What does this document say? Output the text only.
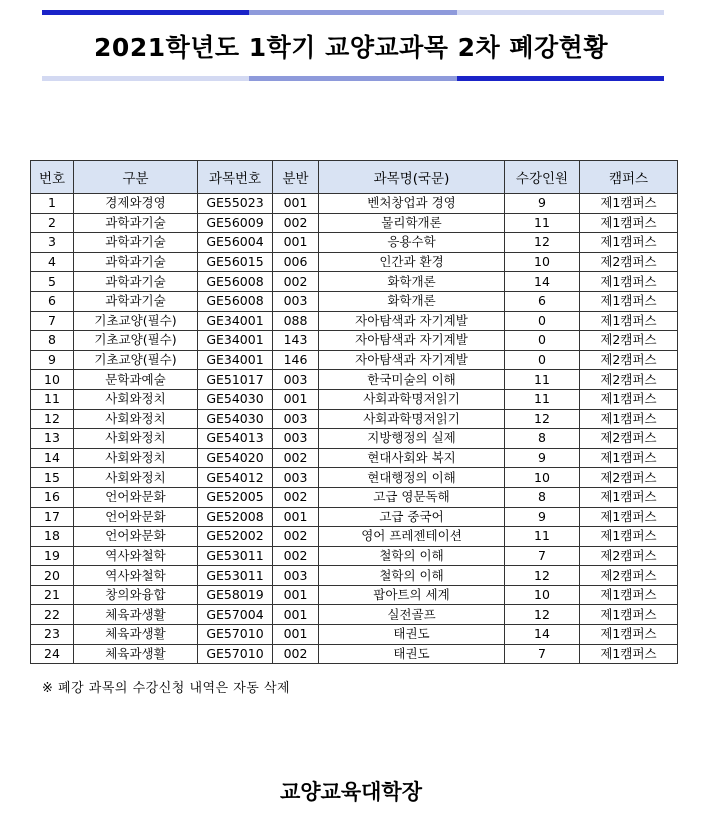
2021학년도 1학기 교양교과목 2차 폐강현황
번호	구분	과목번호	분반	과목명(국문)	수강인원	캠퍼스
1	경제와경영	GE55023	001	벤처창업과 경영	9	제1캠퍼스
2	과학과기술	GE56009	002	물리학개론	11	제1캠퍼스
3	과학과기술	GE56004	001	응용수학	12	제1캠퍼스
4	과학과기술	GE56015	006	인간과 환경	10	제2캠퍼스
5	과학과기술	GE56008	002	화학개론	14	제1캠퍼스
6	과학과기술	GE56008	003	화학개론	6	제1캠퍼스
7	기초교양(필수)	GE34001	088	자아탐색과 자기계발	0	제1캠퍼스
8	기초교양(필수)	GE34001	143	자아탐색과 자기계발	0	제2캠퍼스
9	기초교양(필수)	GE34001	146	자아탐색과 자기계발	0	제2캠퍼스
10	문학과예술	GE51017	003	한국미술의 이해	11	제2캠퍼스
11	사회와정치	GE54030	001	사회과학명저읽기	11	제1캠퍼스
12	사회와정치	GE54030	003	사회과학명저읽기	12	제1캠퍼스
13	사회와정치	GE54013	003	지방행정의 실제	8	제2캠퍼스
14	사회와정치	GE54020	002	현대사회와 복지	9	제1캠퍼스
15	사회와정치	GE54012	003	현대행정의 이해	10	제2캠퍼스
16	언어와문화	GE52005	002	고급 영문독해	8	제1캠퍼스
17	언어와문화	GE52008	001	고급 중국어	9	제1캠퍼스
18	언어와문화	GE52002	002	영어 프레젠테이션	11	제1캠퍼스
19	역사와철학	GE53011	002	철학의 이해	7	제2캠퍼스
20	역사와철학	GE53011	003	철학의 이해	12	제2캠퍼스
21	창의와융합	GE58019	001	팝아트의 세계	10	제1캠퍼스
22	체육과생활	GE57004	001	실전골프	12	제1캠퍼스
23	체육과생활	GE57010	001	태권도	14	제1캠퍼스
24	체육과생활	GE57010	002	태권도	7	제1캠퍼스
※ 폐강 과목의 수강신청 내역은 자동 삭제
교양교육대학장
